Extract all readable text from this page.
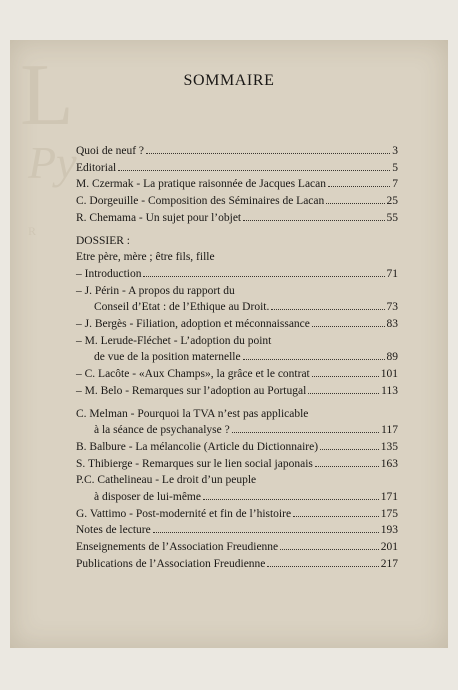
L
Py
R
SOMMAIRE
Quoi de neuf ?	3
Editorial	5
M. Czermak - La pratique raisonnée de Jacques Lacan	7
C. Dorgeuille - Composition des Séminaires de Lacan	25
R. Chemama - Un sujet pour l’objet	55
DOSSIER :
Etre père, mère ; être fils, fille
– Introduction	71
– J. Périn - A propos du rapport du
Conseil d’Etat : de l’Ethique au Droit.	73
– J. Bergès - Filiation, adoption et méconnaissance	83
– M. Lerude-Fléchet - L’adoption du point
de vue de la position maternelle	89
– C. Lacôte - «Aux Champs», la grâce et le contrat	101
– M. Belo - Remarques sur l’adoption au Portugal	113
C. Melman - Pourquoi la TVA n’est pas applicable
à la séance de psychanalyse ?	117
B. Balbure - La mélancolie (Article du Dictionnaire)	135
S. Thibierge - Remarques sur le lien social japonais	163
P.C. Cathelineau - Le droit d’un peuple
à disposer de lui-même	171
G. Vattimo - Post-modernité et fin de l’histoire	175
Notes de lecture	193
Enseignements de l’Association Freudienne	201
Publications de l’Association Freudienne	217
